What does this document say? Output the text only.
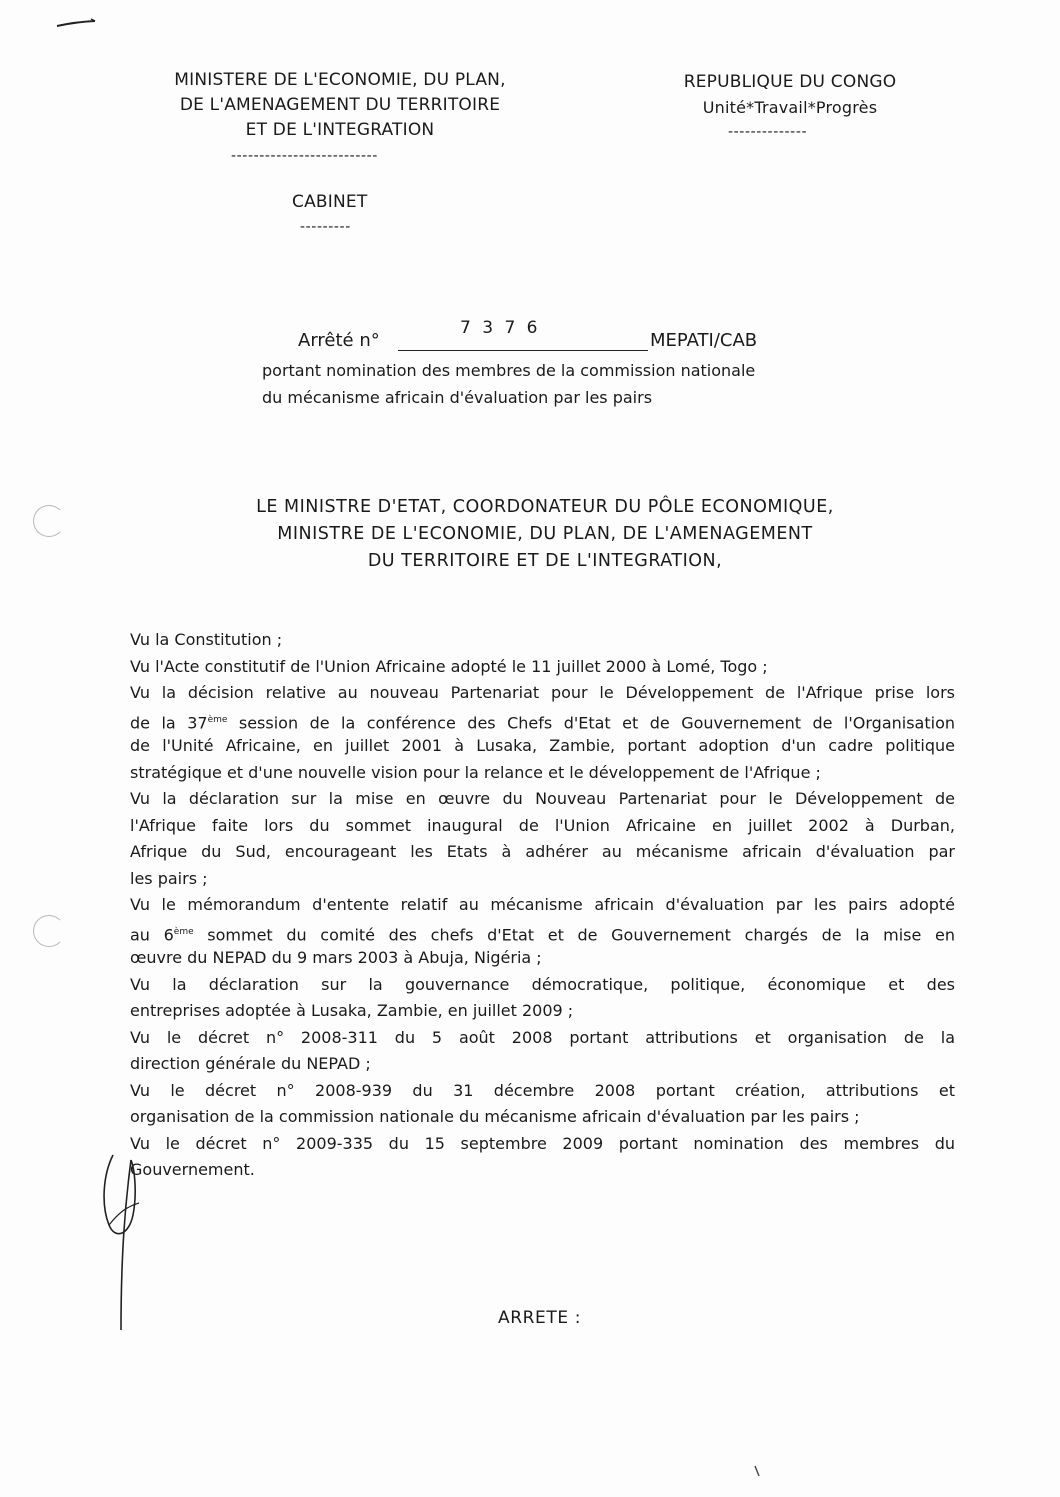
MINISTERE DE L'ECONOMIE, DU PLAN,
DE L'AMENAGEMENT DU TERRITOIRE
ET DE L'INTEGRATION
--------------------------
CABINET
---------
REPUBLIQUE DU CONGO
Unité*Travail*Progrès
--------------
Arrêté n°
7 3 7 6
MEPATI/CAB
portant nomination des membres de la commission nationale
du mécanisme africain d'évaluation par les pairs
LE MINISTRE D'ETAT, COORDONATEUR DU PÔLE ECONOMIQUE,
MINISTRE DE L'ECONOMIE, DU PLAN, DE L'AMENAGEMENT
DU TERRITOIRE ET DE L'INTEGRATION,
Vu la Constitution ;
Vu l'Acte constitutif de l'Union Africaine adopté le 11 juillet 2000 à Lomé, Togo ;
Vu la décision relative au nouveau Partenariat pour le Développement de l'Afrique prise lors
de la 37ème session de la conférence des Chefs d'Etat et de Gouvernement de l'Organisation
de l'Unité Africaine, en juillet 2001 à Lusaka, Zambie, portant adoption d'un cadre politique
stratégique et d'une nouvelle vision pour la relance et le développement de l'Afrique ;
Vu la déclaration sur la mise en œuvre du Nouveau Partenariat pour le Développement de
l'Afrique faite lors du sommet inaugural de l'Union Africaine en juillet 2002 à Durban,
Afrique du Sud, encourageant les Etats à adhérer au mécanisme africain d'évaluation par
les pairs ;
Vu le mémorandum d'entente relatif au mécanisme africain d'évaluation par les pairs adopté
au 6ème sommet du comité des chefs d'Etat et de Gouvernement chargés de la mise en
œuvre du NEPAD du 9 mars 2003 à Abuja, Nigéria ;
Vu la déclaration sur la gouvernance démocratique, politique, économique et des
entreprises adoptée à Lusaka, Zambie, en juillet 2009 ;
Vu le décret n° 2008-311 du 5 août 2008 portant attributions et organisation de la
direction générale du NEPAD ;
Vu le décret n° 2008-939 du 31 décembre 2008 portant création, attributions et
organisation de la commission nationale du mécanisme africain d'évaluation par les pairs ;
Vu le décret n° 2009-335 du 15 septembre 2009 portant nomination des membres du
Gouvernement.
ARRETE :
